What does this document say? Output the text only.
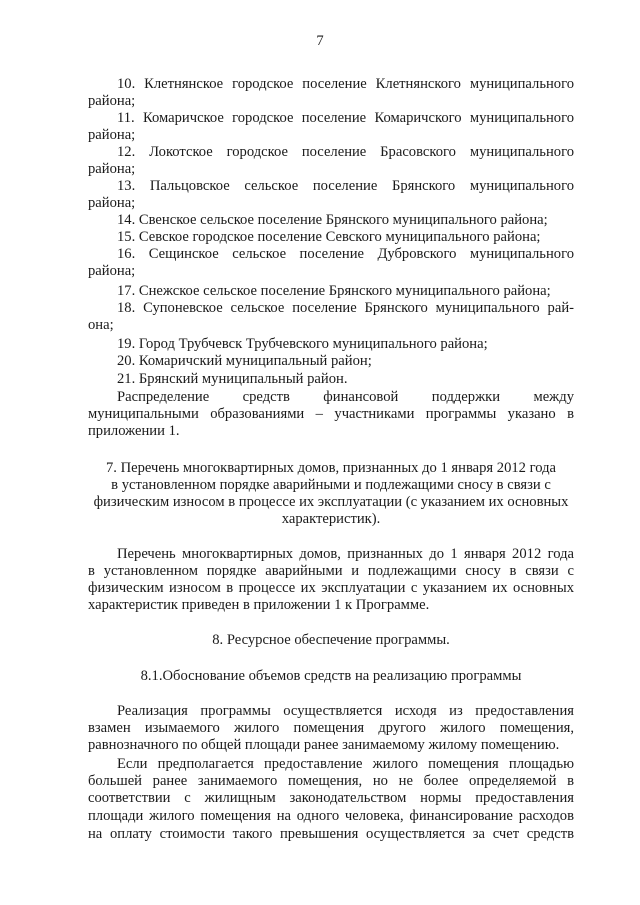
7
10. Клетнянское городское поселение Клетнянского муниципального
района;
11. Комаричское городское поселение Комаричского муниципального
района;
12. Локотское городское поселение Брасовского муниципального
района;
13. Пальцовское сельское поселение Брянского муниципального
района;
14. Свенское сельское поселение Брянского муниципального района;
15. Севское городское поселение Севского муниципального района;
16. Сещинское сельское поселение Дубровского муниципального
района;
17. Снежское сельское поселение Брянского муниципального района;
18. Супоневское сельское поселение Брянского муниципального рай-
она;
19. Город Трубчевск Трубчевского муниципального района;
20. Комаричский муниципальный район;
21. Брянский муниципальный район.
Распределение средств финансовой поддержки между
муниципальными образованиями – участниками программы указано в
приложении 1.
7. Перечень многоквартирных домов, признанных до 1 января 2012 года
в установленном порядке аварийными и подлежащими сносу в связи с
физическим износом в процессе их эксплуатации (с указанием их основных
характеристик).
Перечень многоквартирных домов, признанных до 1 января 2012 года
в установленном порядке аварийными и подлежащими сносу в связи с
физическим износом в процессе их эксплуатации с указанием их основных
характеристик приведен в приложении 1 к Программе.
8. Ресурсное обеспечение программы.
8.1.Обоснование объемов средств на реализацию программы
Реализация программы осуществляется исходя из предоставления
взамен изымаемого жилого помещения другого жилого помещения,
равнозначного по общей площади ранее занимаемому жилому помещению.
Если предполагается предоставление жилого помещения площадью
большей ранее занимаемого помещения, но не более определяемой в
соответствии с жилищным законодательством нормы предоставления
площади жилого помещения на одного человека, финансирование расходов
на оплату стоимости такого превышения осуществляется за счет средств
